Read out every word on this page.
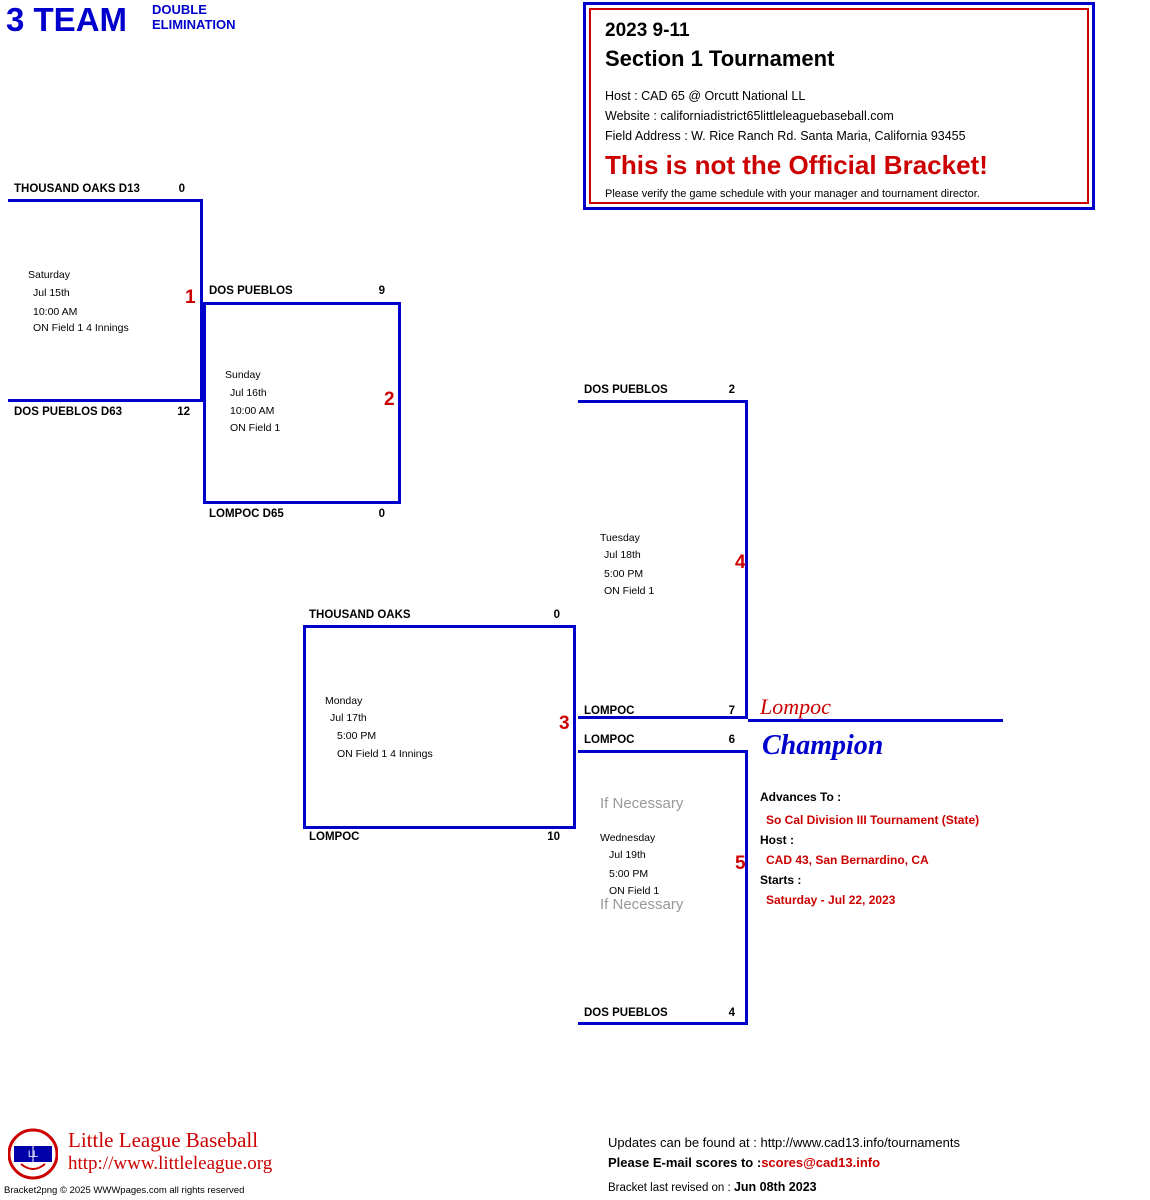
3 TEAM DOUBLE ELIMINATION	2023 9-11
Section 1 Tournament
Host : CAD 65 @ Orcutt National LL
Website : californiadistrict65littleleaguebaseball.com
Field Address : W. Rice Ranch Rd. Santa Maria, California 93455
This is not the Official Bracket!
Please verify the game schedule with your manager and tournament director.
THOUSAND OAKS D13	0
DOS PUEBLOS D63	12
1
Saturday
Jul 15th
10:00 AM
ON Field 1 4 Innings
DOS PUEBLOS	9
LOMPOC D65	0
2
Sunday
Jul 16th
10:00 AM
ON Field 1
THOUSAND OAKS	0
LOMPOC	10
3
Monday
Jul 17th
5:00 PM
ON Field 1 4 Innings
DOS PUEBLOS	2
LOMPOC	7
4
Tuesday
Jul 18th
5:00 PM
ON Field 1
LOMPOC	6
DOS PUEBLOS	4
5
If Necessary
Wednesday
Jul 19th
5:00 PM
ON Field 1
If Necessary
Lompoc
Champion
Advances To :
So Cal Division III Tournament (State)
Host :
CAD 43, San Bernardino, CA
Starts :
Saturday - Jul 22, 2023
LL
Little League Baseball
http://www.littleleague.org
Bracket2png © 2025 WWWpages.com all rights reserved
Updates can be found at : http://www.cad13.info/tournaments
Please E-mail scores to :scores@cad13.info
Bracket last revised on : Jun 08th 2023
